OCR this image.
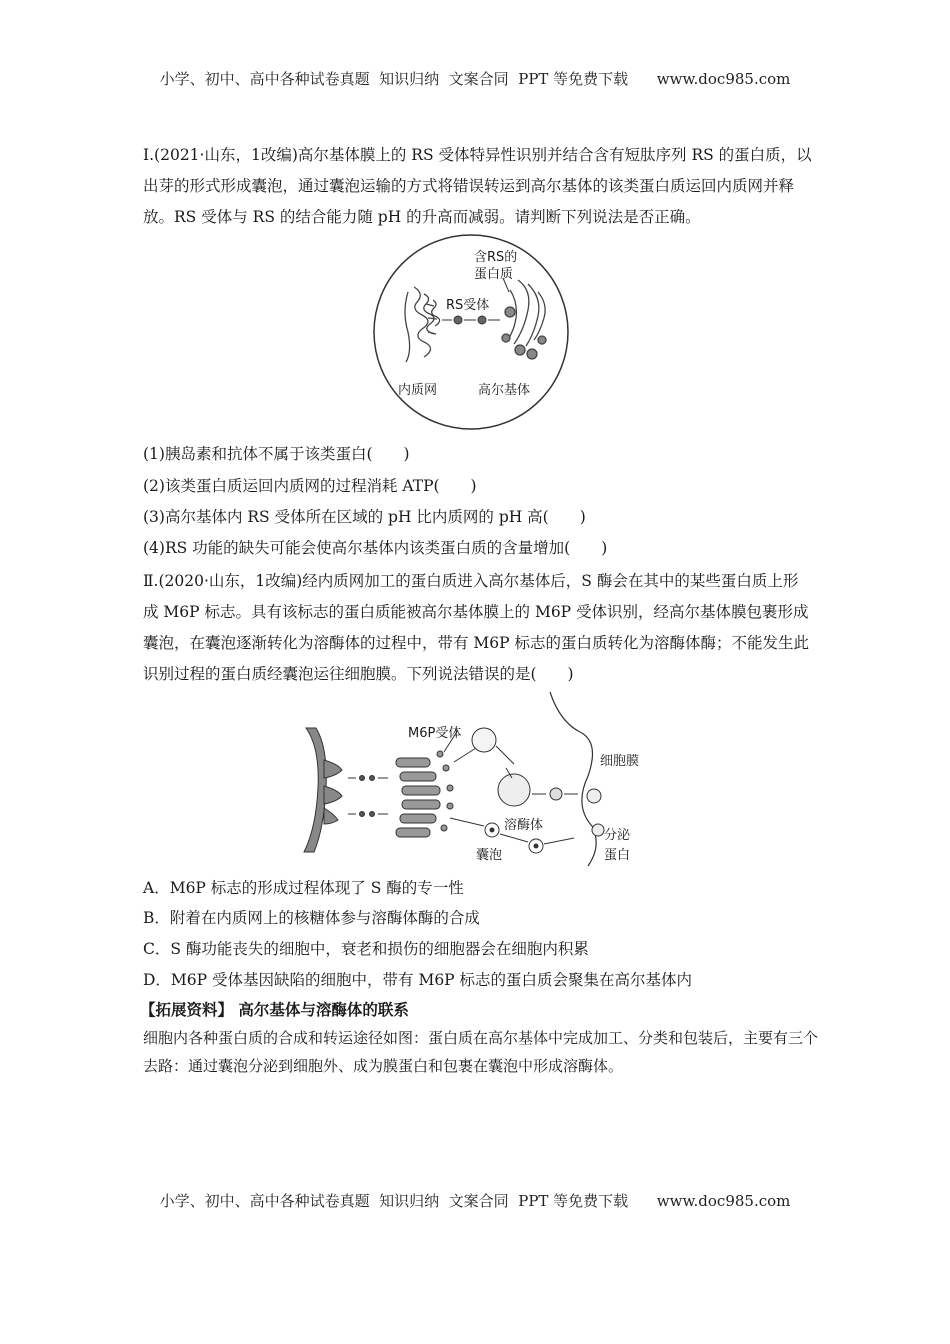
小学、初中、高中各种试卷真题  知识归纳  文案合同  PPT 等免费下载      www.doc985.com
Ⅰ.(2021·山东，1改编)高尔基体膜上的 RS 受体特异性识别并结合含有短肽序列 RS 的蛋白质，以出芽的形式形成囊泡，通过囊泡运输的方式将错误转运到高尔基体的该类蛋白质运回内质网并释放。RS 受体与 RS 的结合能力随 pH 的升高而减弱。请判断下列说法是否正确。
含RS的
蛋白质
RS受体
内质网	高尔基体
(1)胰岛素和抗体不属于该类蛋白(　　)
(2)该类蛋白质运回内质网的过程消耗 ATP(　　)
(3)高尔基体内 RS 受体所在区域的 pH 比内质网的 pH 高(　　)
(4)RS 功能的缺失可能会使高尔基体内该类蛋白质的含量增加(　　)
Ⅱ.(2020·山东，1改编)经内质网加工的蛋白质进入高尔基体后，S 酶会在其中的某些蛋白质上形成 M6P 标志。具有该标志的蛋白质能被高尔基体膜上的 M6P 受体识别，经高尔基体膜包裹形成囊泡，在囊泡逐渐转化为溶酶体的过程中，带有 M6P 标志的蛋白质转化为溶酶体酶；不能发生此识别过程的蛋白质经囊泡运往细胞膜。下列说法错误的是(　　)
M6P受体
细胞膜
溶酶体
囊泡
分泌
蛋白
A．M6P 标志的形成过程体现了 S 酶的专一性
B．附着在内质网上的核糖体参与溶酶体酶的合成
C．S 酶功能丧失的细胞中，衰老和损伤的细胞器会在细胞内积累
D．M6P 受体基因缺陷的细胞中，带有 M6P 标志的蛋白质会聚集在高尔基体内
【拓展资料】 高尔基体与溶酶体的联系
细胞内各种蛋白质的合成和转运途径如图：蛋白质在高尔基体中完成加工、分类和包装后，主要有三个去路：通过囊泡分泌到细胞外、成为膜蛋白和包裹在囊泡中形成溶酶体。
小学、初中、高中各种试卷真题  知识归纳  文案合同  PPT 等免费下载      www.doc985.com
